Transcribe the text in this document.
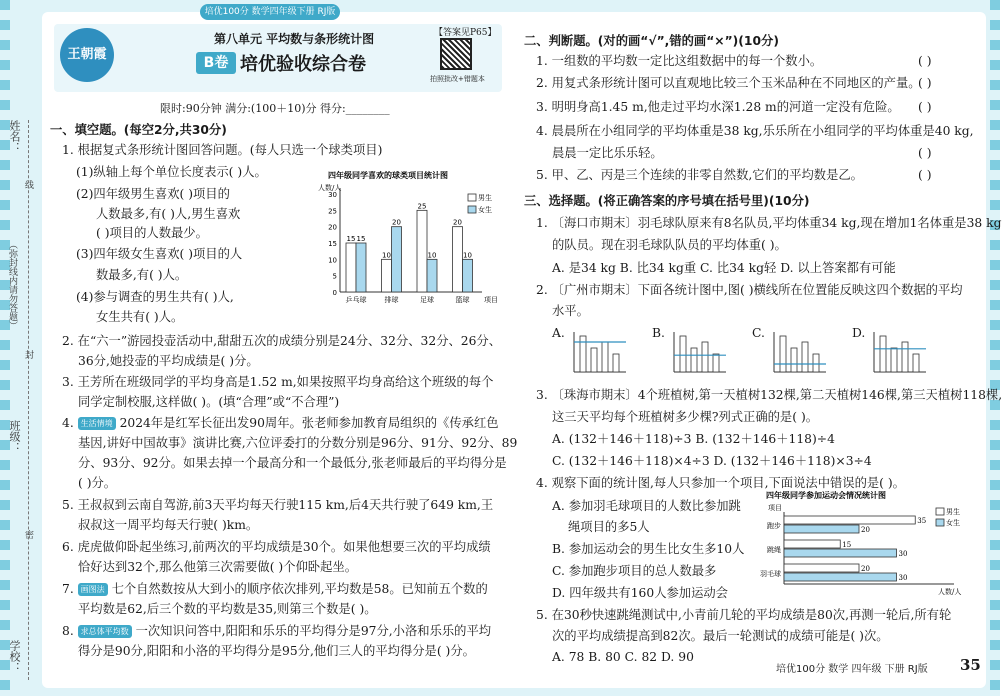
培优100分 数学四年级下册 RJ版
姓名：
（弥封线内请勿答题）
班级：
学校：
线
封
密
王朝霞
第八单元 平均数与条形统计图
B卷 培优验收综合卷
【答案见P65】
拍照批改+错题本
限时:90分钟 满分:(100＋10)分 得分:________
一、填空题。(每空2分,共30分)
1. 根据复式条形统计图回答问题。(每人只选一个球类项目)
(1)纵轴上每个单位长度表示( )人。
(2)四年级男生喜欢( )项目的
人数最多,有( )人,男生喜欢
( )项目的人数最少。
(3)四年级女生喜欢( )项目的人
数最多,有( )人。
(4)参与调查的男生共有( )人,
女生共有( )人。
四年级同学喜欢的球类项目统计图
人数/人
0
5
10
15
20
25
30
15 15
乒乓球
10
20
排球
25
10
足球
20
10
篮球 项目
男生
女生
2. 在“六一”游园投壶活动中,甜甜五次的成绩分别是24分、32分、32分、26分、
36分,她投壶的平均成绩是( )分。
3. 王芳所在班级同学的平均身高是1.52 m,如果按照平均身高给这个班级的每个
同学定制校服,这样做( )。(填“合理”或“不合理”)
4. 生活情境 2024年是红军长征出发90周年。张老师参加教育局组织的《传承红色
基因,讲好中国故事》演讲比赛,六位评委打的分数分别是96分、91分、92分、89
分、93分、92分。如果去掉一个最高分和一个最低分,张老师最后的平均得分是
( )分。
5. 王叔叔到云南自驾游,前3天平均每天行驶115 km,后4天共行驶了649 km,王
叔叔这一周平均每天行驶( )km。
6. 虎虎做仰卧起坐练习,前两次的平均成绩是30个。如果他想要三次的平均成绩
恰好达到32个,那么他第三次需要做( )个仰卧起坐。
7. 画图法 七个自然数按从大到小的顺序依次排列,平均数是58。已知前五个数的
平均数是62,后三个数的平均数是35,则第三个数是( )。
8. 求总体平均数 一次知识问答中,阳阳和乐乐的平均得分是97分,小洛和乐乐的平均
得分是90分,阳阳和小洛的平均得分是95分,他们三人的平均得分是( )分。
二、判断题。(对的画“√”,错的画“×”)(10分)
1. 一组数的平均数一定比这组数据中的每一个数小。
2. 用复式条形统计图可以直观地比较三个玉米品种在不同地区的产量。
3. 明明身高1.45 m,他走过平均水深1.28 m的河道一定没有危险。
4. 晨晨所在小组同学的平均体重是38 kg,乐乐所在小组同学的平均体重是40 kg,
晨晨一定比乐乐轻。
5. 甲、乙、丙是三个连续的非零自然数,它们的平均数是乙。
( )
( )
( )
( )
( )
三、选择题。(将正确答案的序号填在括号里)(10分)
1. 〔海口市期末〕羽毛球队原来有8名队员,平均体重34 kg,现在增加1名体重是38 kg
的队员。现在羽毛球队队员的平均体重( )。
A. 是34 kg B. 比34 kg重 C. 比34 kg轻 D. 以上答案都有可能
2. 〔广州市期末〕下面各统计图中,图( )横线所在位置能反映这四个数据的平均
水平。
A.	B.	C.	D.
3. 〔珠海市期末〕4个班植树,第一天植树132棵,第二天植树146棵,第三天植树118棵,
这三天平均每个班植树多少棵?列式正确的是( )。
A. (132＋146＋118)÷3 B. (132＋146＋118)÷4
C. (132＋146＋118)×4÷3 D. (132＋146＋118)×3÷4
4. 观察下面的统计图,每人只参加一个项目,下面说法中错误的是( )。
A. 参加羽毛球项目的人数比参加跳
绳项目的多5人
B. 参加运动会的男生比女生多10人
C. 参加跑步项目的总人数最多
D. 四年级共有160人参加运动会
四年级同学参加运动会情况统计图
项目
35
20
跑步
15
30
跳绳
20
30
羽毛球
人数/人
男生
女生
5. 在30秒快速跳绳测试中,小青前几轮的平均成绩是80次,再测一轮后,所有轮
次的平均成绩提高到82次。最后一轮测试的成绩可能是( )次。
A. 78 B. 80 C. 82 D. 90
培优100分 数学 四年级 下册 RJ版 35
